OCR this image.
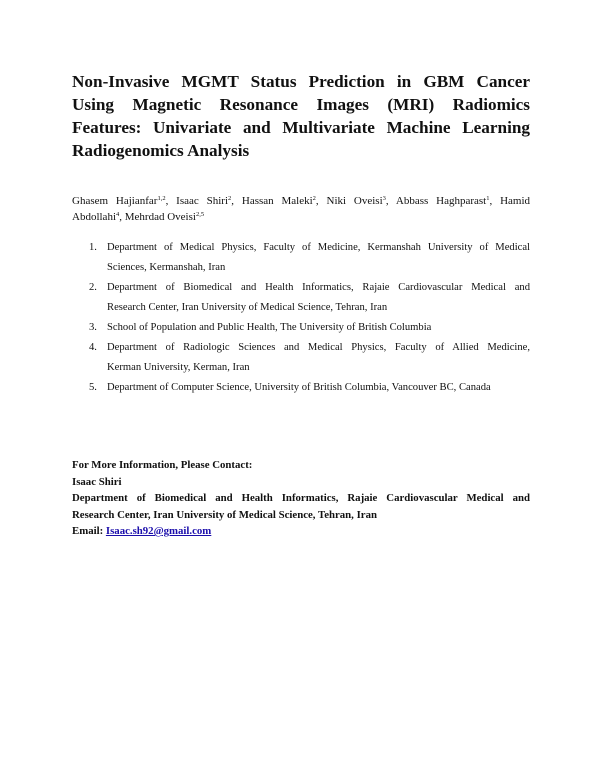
Non-Invasive MGMT Status Prediction in GBM Cancer
Using Magnetic Resonance Images (MRI) Radiomics
Features: Univariate and Multivariate Machine Learning
Radiogenomics Analysis

Ghasem Hajianfar$^{1,2}$, Isaac Shiri$^2$, Hassan Maleki$^2$, Niki Oveisi$^3$, Abbass Haghparast$^1$, Hamid
Abdollahi$^4$, Mehrdad Oveisi$^{2,5}$

1. Department of Medical Physics, Faculty of Medicine, Kermanshah University of Medical
Sciences, Kermanshah, Iran
2. Department of Biomedical and Health Informatics, Rajaie Cardiovascular Medical and
Research Center, Iran University of Medical Science, Tehran, Iran
3. School of Population and Public Health, The University of British Columbia
4. Department of Radiologic Sciences and Medical Physics, Faculty of Allied Medicine,
Kerman University, Kerman, Iran
5. Department of Computer Science, University of British Columbia, Vancouver BC, Canada
For More Information, Please Contact:
Isaac Shiri
Department of Biomedical and Health Informatics, Rajaie Cardiovascular Medical and
Research Center, Iran University of Medical Science, Tehran, Iran
Email: Isaac.sh92@gmail.com
